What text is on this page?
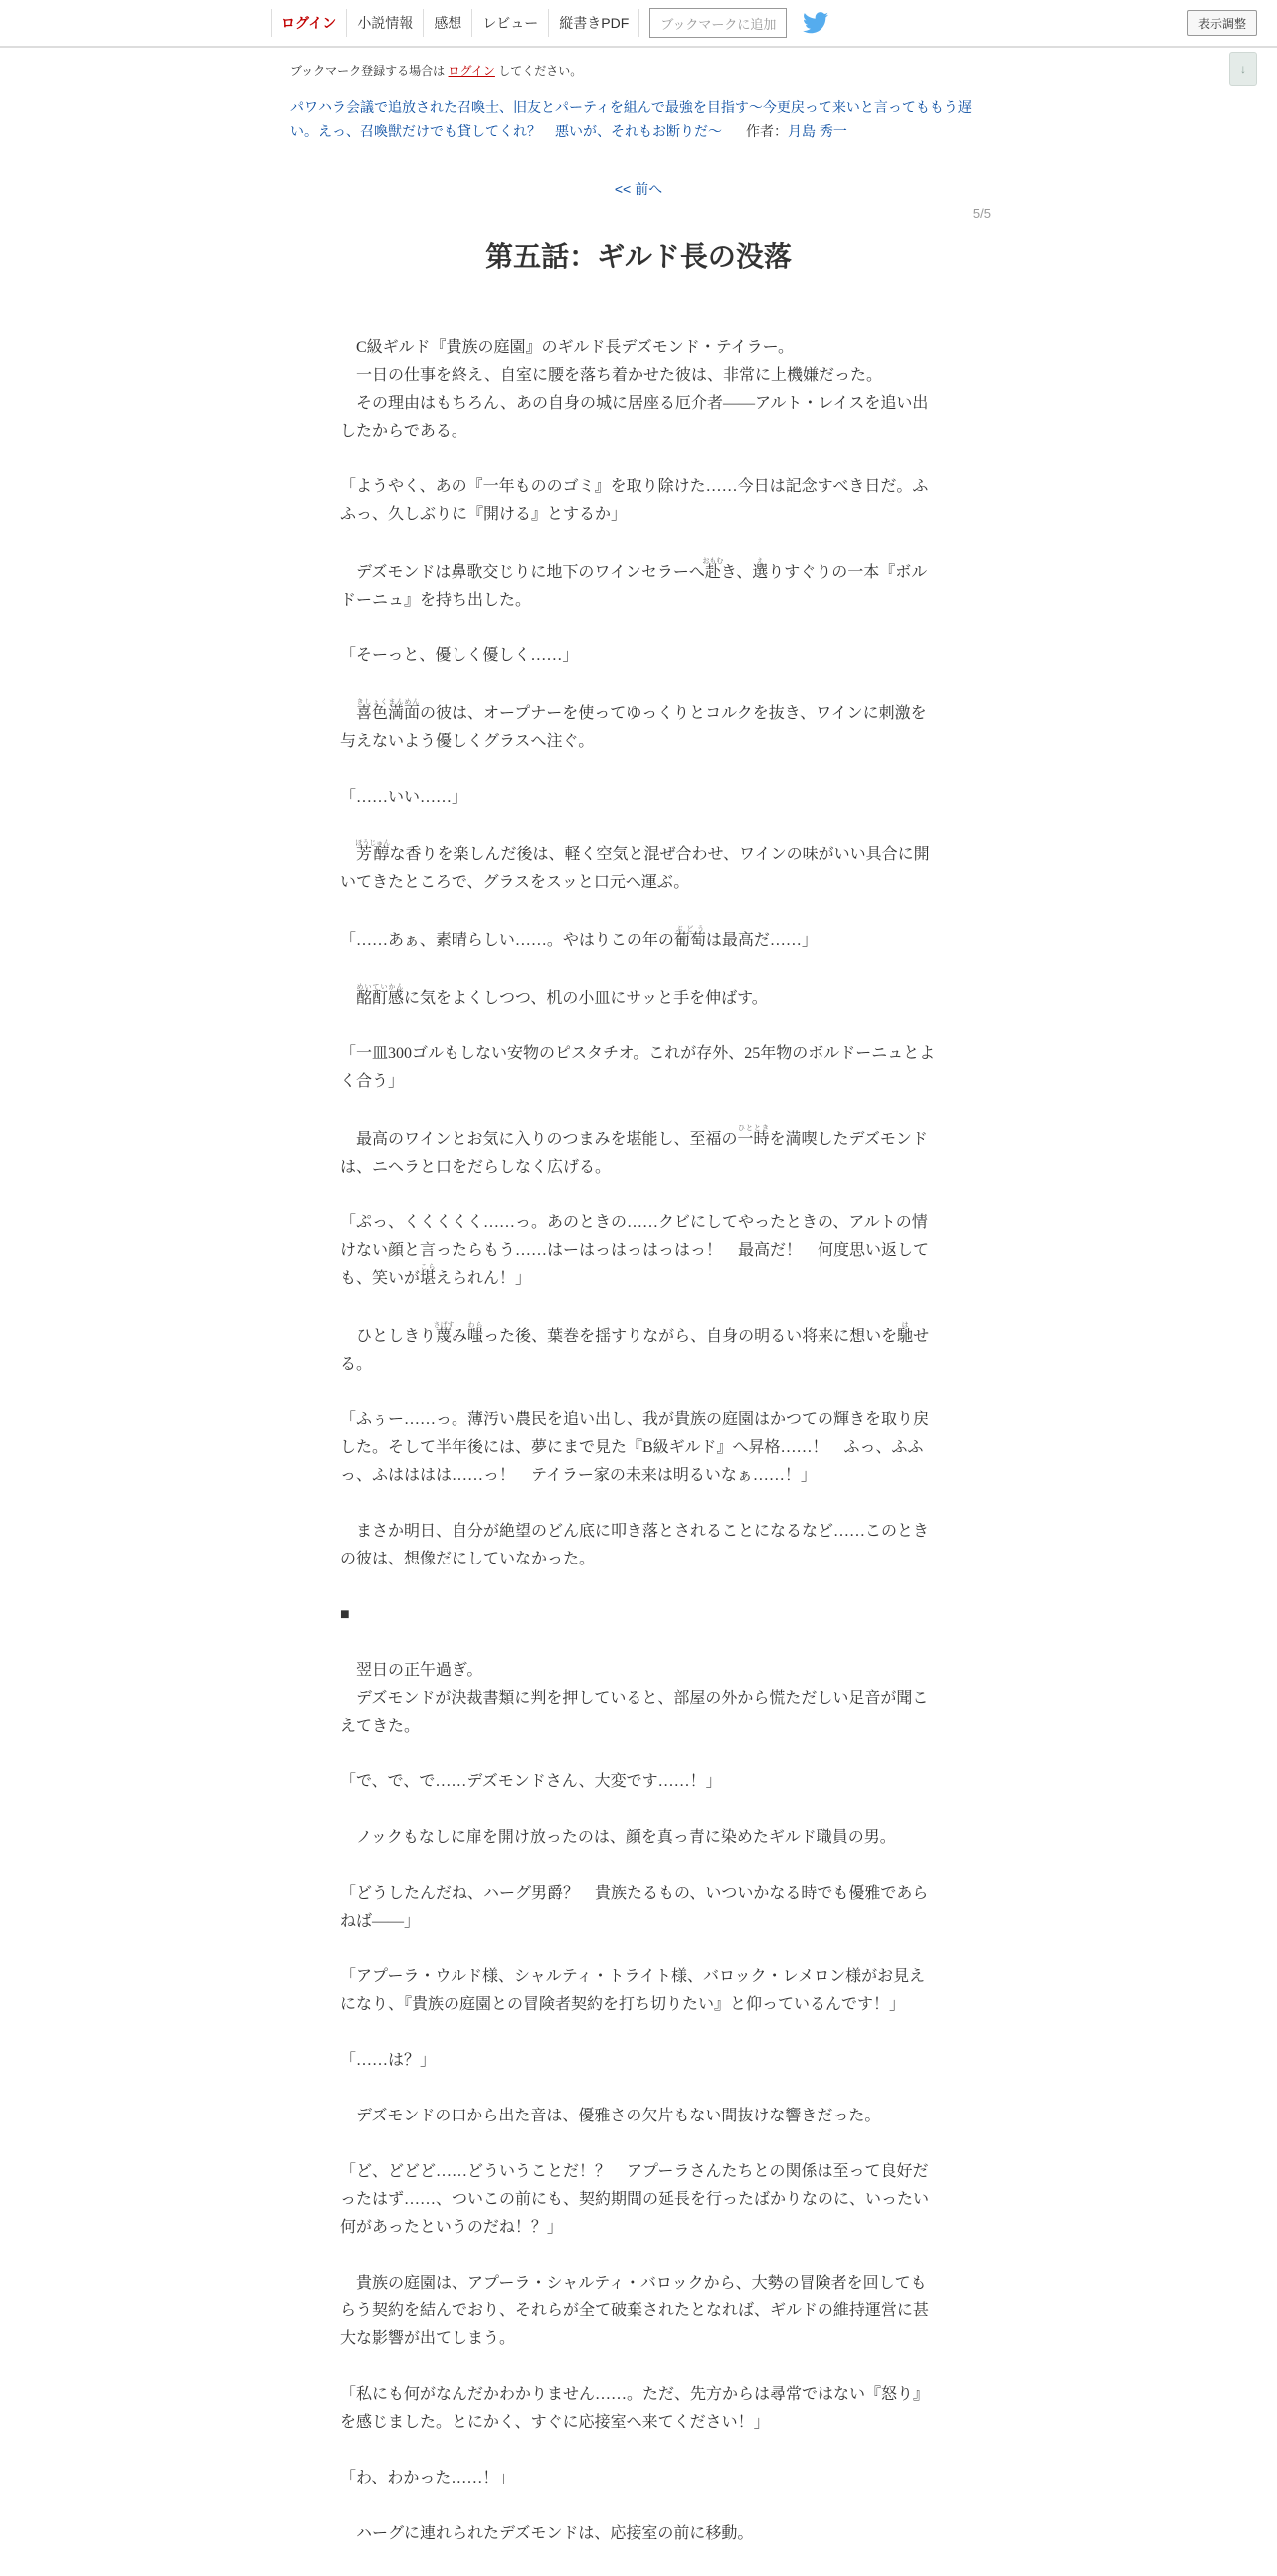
ログイン	小説情報	感想	レビュー	縦書きPDF	ブックマークに追加	表示調整
↓
ブックマーク登録する場合は ログイン してください。
パワハラ会議で追放された召喚士、旧友とパーティを組んで最強を目指す～今更戻って来いと言ってももう遅い。えっ、召喚獣だけでも貸してくれ？　悪いが、それもお断りだ～ 作者：月島 秀一
<< 前へ
5/5
第五話：ギルド長の没落

　C級ギルド『貴族の庭園』のギルド長デズモンド・テイラー。
　一日の仕事を終え、自室に腰を落ち着かせた彼は、非常に上機嫌だった。
　その理由はもちろん、あの自身の城に居座る厄介者――アルト・レイスを追い出したからである。

「ようやく、あの『一年もののゴミ』を取り除けた……今日は記念すべき日だ。ふふっ、久しぶりに『開ける』とするか」

　デズモンドは鼻歌交じりに地下のワインセラーへ赴おもむき、選えりすぐりの一本『ボルドーニュ』を持ち出した。

「そーっと、優しく優しく……」

　喜色満面きしょくまんめんの彼は、オープナーを使ってゆっくりとコルクを抜き、ワインに刺激を与えないよう優しくグラスへ注ぐ。

「……いい……」

　芳醇ほうじゅんな香りを楽しんだ後は、軽く空気と混ぜ合わせ、ワインの味がいい具合に開いてきたところで、グラスをスッと口元へ運ぶ。

「……あぁ、素晴らしい……。やはりこの年の葡萄ぶどうは最高だ……」

　酩酊感めいていかんに気をよくしつつ、机の小皿にサッと手を伸ばす。

「一皿300ゴルもしない安物のピスタチオ。これが存外、25年物のボルドーニュとよく合う」

　最高のワインとお気に入りのつまみを堪能し、至福の一時ひとときを満喫したデズモンドは、ニヘラと口をだらしなく広げる。

「ぷっ、くくくくく……っ。あのときの……クビにしてやったときの、アルトの情けない顔と言ったらもう……はーはっはっはっはっ！　最高だ！　何度思い返しても、笑いが堪こらえられん！」

　ひとしきり蔑さげすみ嗤わらった後、葉巻を揺すりながら、自身の明るい将来に想いを馳はせる。

「ふぅー……っ。薄汚い農民を追い出し、我が貴族の庭園はかつての輝きを取り戻した。そして半年後には、夢にまで見た『B級ギルド』へ昇格……！　ふっ、ふふっ、ふはははは……っ！　テイラー家の未来は明るいなぁ……！」

　まさか明日、自分が絶望のどん底に叩き落とされることになるなど……このときの彼は、想像だにしていなかった。

■

　翌日の正午過ぎ。
　デズモンドが決裁書類に判を押していると、部屋の外から慌ただしい足音が聞こえてきた。

「で、で、で……デズモンドさん、大変です……！」

　ノックもなしに扉を開け放ったのは、顔を真っ青に染めたギルド職員の男。

「どうしたんだね、ハーグ男爵？　貴族たるもの、いついかなる時でも優雅であらねば――」

「アプーラ・ウルド様、シャルティ・トライト様、バロック・レメロン様がお見えになり、『貴族の庭園との冒険者契約を打ち切りたい』と仰っているんです！」

「……は？」

　デズモンドの口から出た音は、優雅さの欠片もない間抜けな響きだった。

「ど、どどど……どういうことだ！？　アプーラさんたちとの関係は至って良好だったはず……、ついこの前にも、契約期間の延長を行ったばかりなのに、いったい何があったというのだね！？」

　貴族の庭園は、アプーラ・シャルティ・バロックから、大勢の冒険者を回してもらう契約を結んでおり、それらが全て破棄されたとなれば、ギルドの維持運営に甚大な影響が出てしまう。

「私にも何がなんだかわかりません……。ただ、先方からは尋常ではない『怒り』を感じました。とにかく、すぐに応接室へ来てください！」

「わ、わかった……！」

　ハーグに連れられたデズモンドは、応接室の前に移動。
